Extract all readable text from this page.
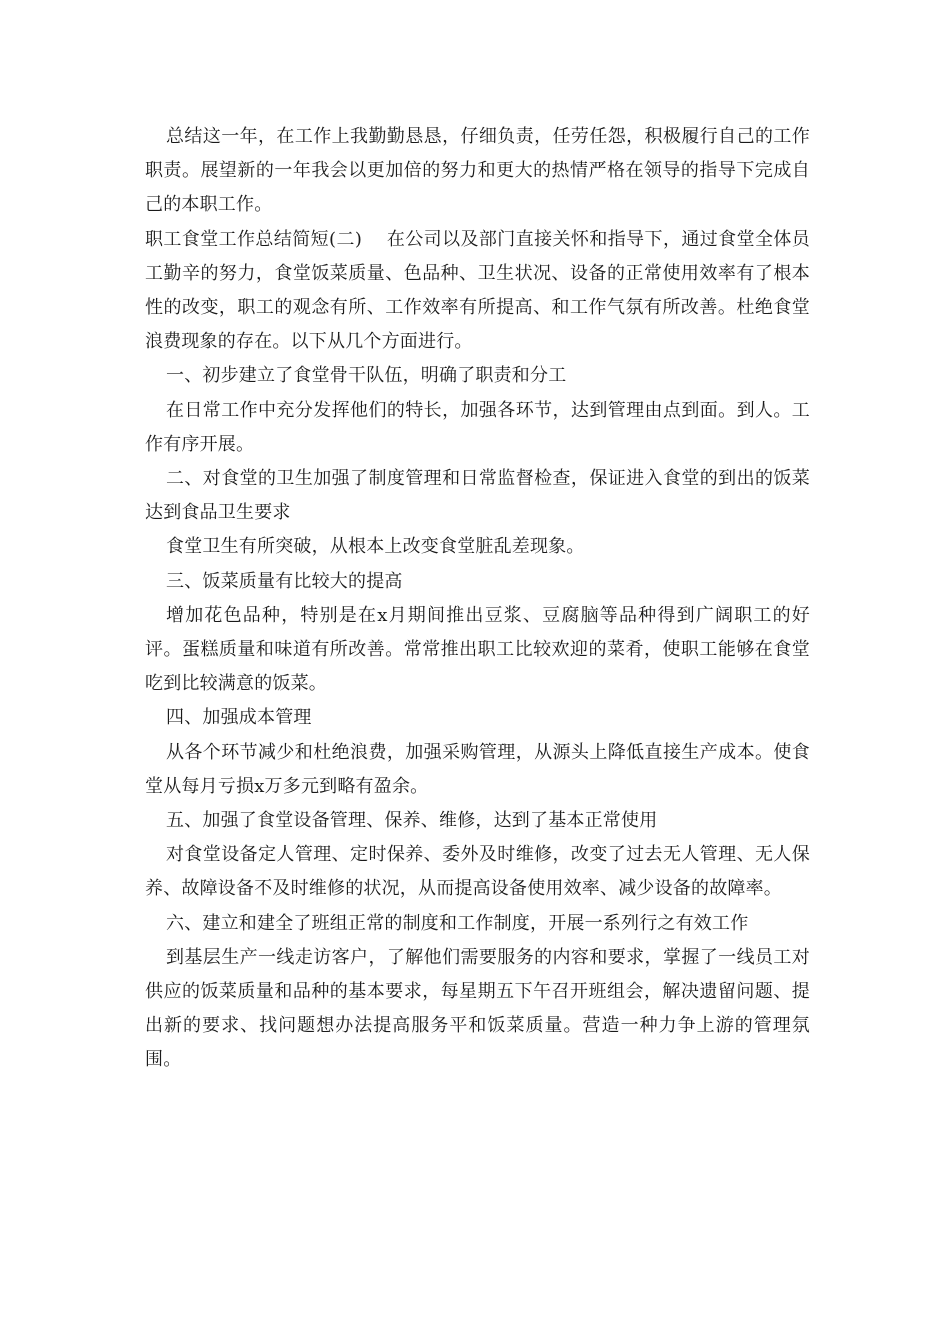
总结这一年，在工作上我勤勤恳恳，仔细负责，任劳任怨，积极履行自己的工作职责。展望新的一年我会以更加倍的努力和更大的热情严格在领导的指导下完成自己的本职工作。

职工食堂工作总结简短(二)　 在公司以及部门直接关怀和指导下，通过食堂全体员工勤辛的努力，食堂饭菜质量、色品种、卫生状况、设备的正常使用效率有了根本性的改变，职工的观念有所、工作效率有所提高、和工作气氛有所改善。杜绝食堂浪费现象的存在。以下从几个方面进行。

一、初步建立了食堂骨干队伍，明确了职责和分工

在日常工作中充分发挥他们的特长，加强各环节，达到管理由点到面。到人。工作有序开展。

二、对食堂的卫生加强了制度管理和日常监督检查，保证进入食堂的到出的饭菜达到食品卫生要求

食堂卫生有所突破，从根本上改变食堂脏乱差现象。

三、饭菜质量有比较大的提高

增加花色品种，特别是在x月期间推出豆浆、豆腐脑等品种得到广阔职工的好评。蛋糕质量和味道有所改善。常常推出职工比较欢迎的菜肴，使职工能够在食堂吃到比较满意的饭菜。

四、加强成本管理

从各个环节减少和杜绝浪费，加强采购管理，从源头上降低直接生产成本。使食堂从每月亏损x万多元到略有盈余。

五、加强了食堂设备管理、保养、维修，达到了基本正常使用

对食堂设备定人管理、定时保养、委外及时维修，改变了过去无人管理、无人保养、故障设备不及时维修的状况，从而提高设备使用效率、减少设备的故障率。

六、建立和建全了班组正常的制度和工作制度，开展一系列行之有效工作

到基层生产一线走访客户，了解他们需要服务的内容和要求，掌握了一线员工对供应的饭菜质量和品种的基本要求，每星期五下午召开班组会，解决遗留问题、提出新的要求、找问题想办法提高服务平和饭菜质量。营造一种力争上游的管理氛围。
